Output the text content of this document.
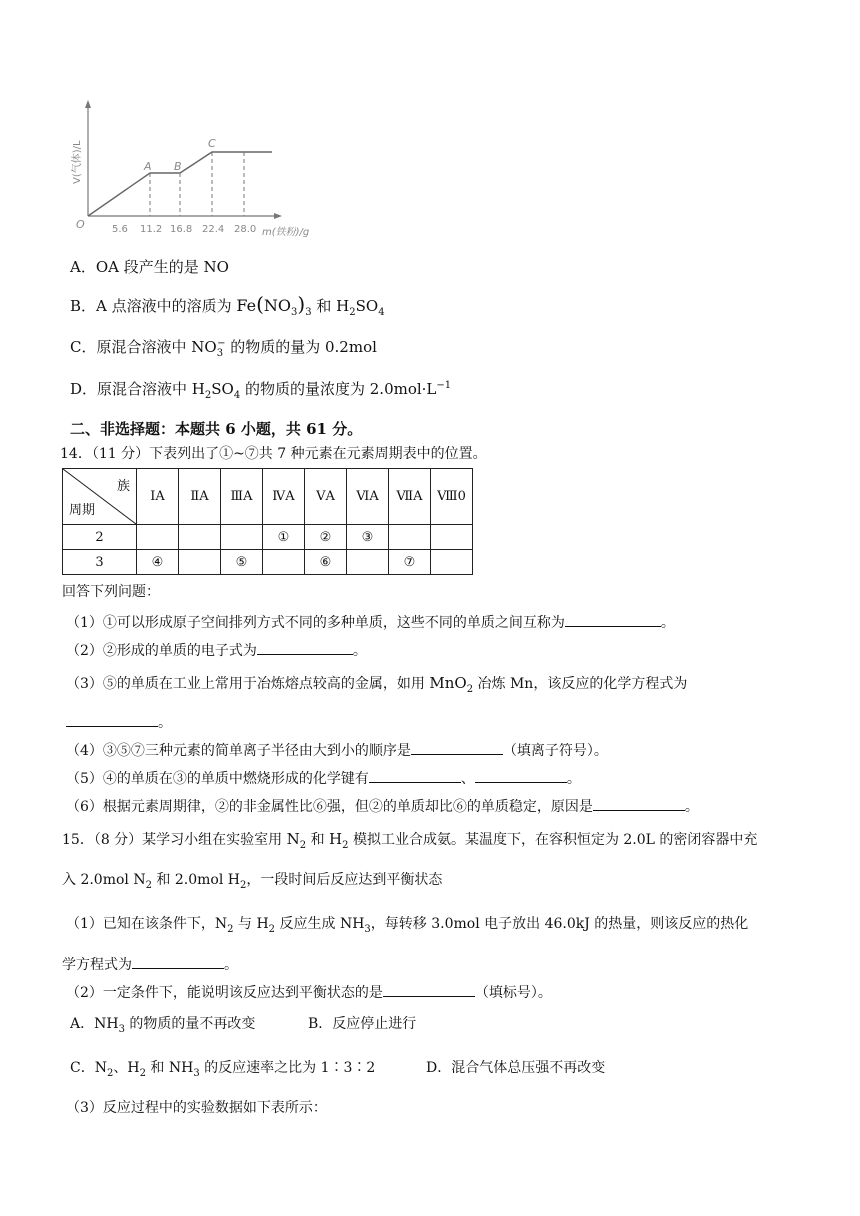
A B
C
O	5.6 11.2 16.8 22.4 28.0 m(铁粉)/g
V(气体)/L
A．OA 段产生的是 NO
B．A 点溶液中的溶质为 $Fe(NO_3)_3$ 和 $H_2SO_4$
C．原混合溶液中 $NO_3^-$ 的物质的量为 0.2mol
D．原混合溶液中 $H_2SO_4$ 的物质的量浓度为 $2.0mol\cdot L^{-1}$
二、非选择题：本题共 6 小题，共 61 分。
14．（11 分）下表列出了①~⑦共 7 种元素在元素周期表中的位置。
族
周期	ⅠA	ⅡA	ⅢA	ⅣA	ⅤA	ⅥA	ⅦA	Ⅷ0
2				①	②	③		
3	④		⑤		⑥		⑦	
回答下列问题：
（1）①可以形成原子空间排列方式不同的多种单质，这些不同的单质之间互称为	。
（2）②形成的单质的电子式为	。
（3）⑤的单质在工业上常用于冶炼熔点较高的金属，如用 MnO$_2$ 冶炼 Mn，该反应的化学方程式为
。
（4）③⑤⑦三种元素的简单离子半径由大到小的顺序是	（填离子符号）。
（5）④的单质在③的单质中燃烧形成的化学键有	、	。
（6）根据元素周期律，②的非金属性比⑥强，但②的单质却比⑥的单质稳定，原因是	。
15．（8 分）某学习小组在实验室用 $N_2$ 和 $H_2$ 模拟工业合成氨。某温度下，在容积恒定为 2.0L 的密闭容器中充
入 2.0mol $N_2$ 和 2.0mol $H_2$，一段时间后反应达到平衡状态
（1）已知在该条件下，$N_2$ 与 $H_2$ 反应生成 $NH_3$，每转移 3.0mol 电子放出 46.0kJ 的热量，则该反应的热化
学方程式为	。
（2）一定条件下，能说明该反应达到平衡状态的是	（填标号）。
A．$NH_3$ 的物质的量不再改变	B．反应停止进行
C．$N_2$、$H_2$ 和 $NH_3$ 的反应速率之比为 1∶3∶2	D．混合气体总压强不再改变
（3）反应过程中的实验数据如下表所示：
